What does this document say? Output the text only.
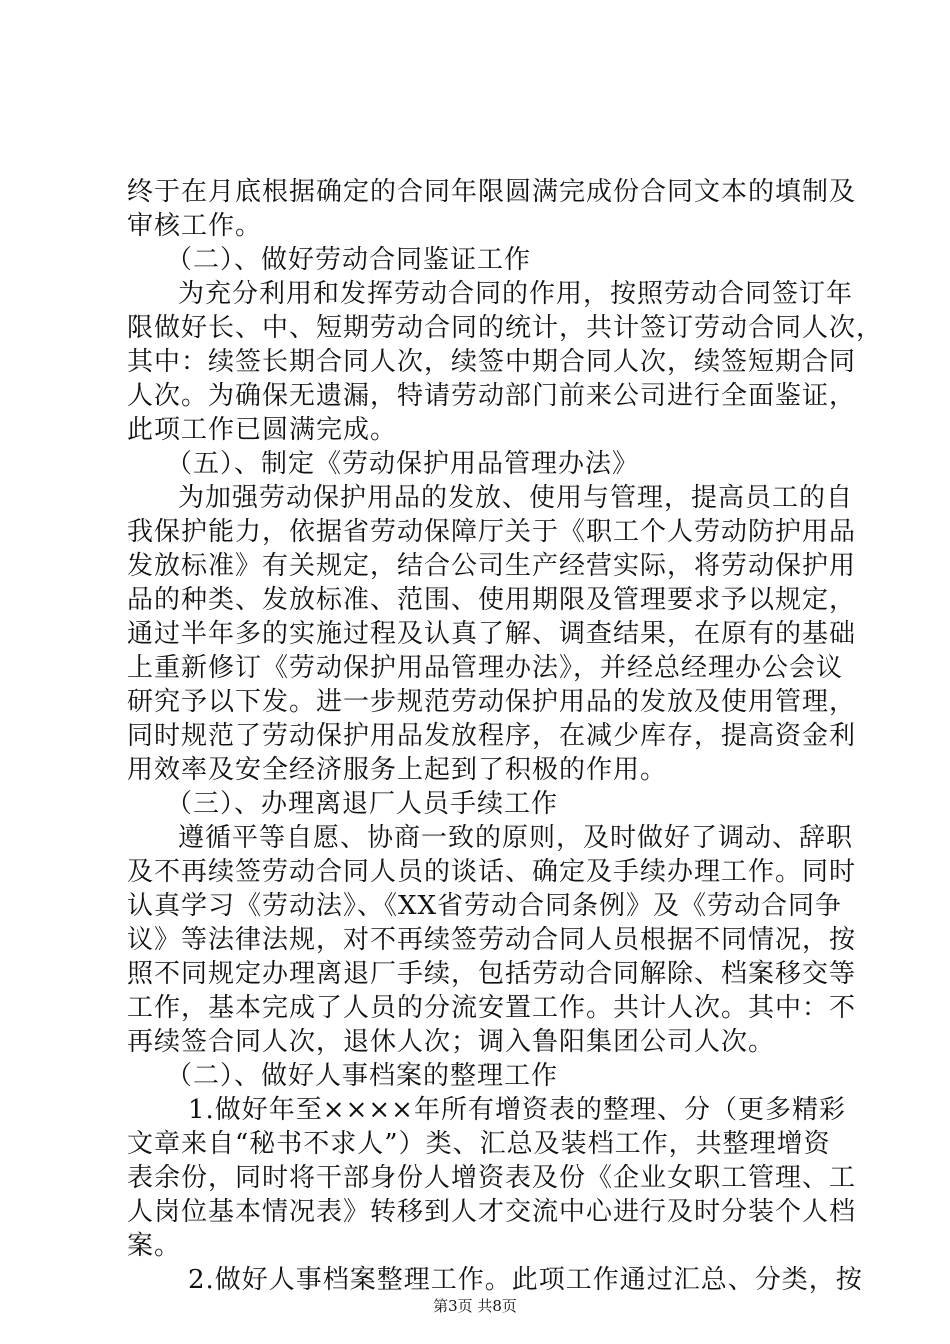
终于在月底根据确定的合同年限圆满完成份合同文本的填制及
审核工作。
（二）、做好劳动合同鉴证工作
为充分利用和发挥劳动合同的作用，按照劳动合同签订年
限做好长、中、短期劳动合同的统计，共计签订劳动合同人次，
其中：续签长期合同人次，续签中期合同人次，续签短期合同
人次。为确保无遗漏，特请劳动部门前来公司进行全面鉴证，
此项工作已圆满完成。
（五）、制定《劳动保护用品管理办法》
为加强劳动保护用品的发放、使用与管理，提高员工的自
我保护能力，依据省劳动保障厅关于《职工个人劳动防护用品
发放标准》有关规定，结合公司生产经营实际，将劳动保护用
品的种类、发放标准、范围、使用期限及管理要求予以规定，
通过半年多的实施过程及认真了解、调查结果，在原有的基础
上重新修订《劳动保护用品管理办法》，并经总经理办公会议
研究予以下发。进一步规范劳动保护用品的发放及使用管理，
同时规范了劳动保护用品发放程序，在减少库存，提高资金利
用效率及安全经济服务上起到了积极的作用。
（三）、办理离退厂人员手续工作
遵循平等自愿、协商一致的原则，及时做好了调动、辞职
及不再续签劳动合同人员的谈话、确定及手续办理工作。同时
认真学习《劳动法》、《XX省劳动合同条例》及《劳动合同争
议》等法律法规，对不再续签劳动合同人员根据不同情况，按
照不同规定办理离退厂手续，包括劳动合同解除、档案移交等
工作，基本完成了人员的分流安置工作。共计人次。其中：不
再续签合同人次，退休人次；调入鲁阳集团公司人次。
（二）、做好人事档案的整理工作
1.做好年至××××年所有增资表的整理、分（更多精彩
文章来自“秘书不求人”）类、汇总及装档工作，共整理增资
表余份，同时将干部身份人增资表及份《企业女职工管理、工
人岗位基本情况表》转移到人才交流中心进行及时分装个人档
案。
2.做好人事档案整理工作。此项工作通过汇总、分类，按
第3页 共8页
